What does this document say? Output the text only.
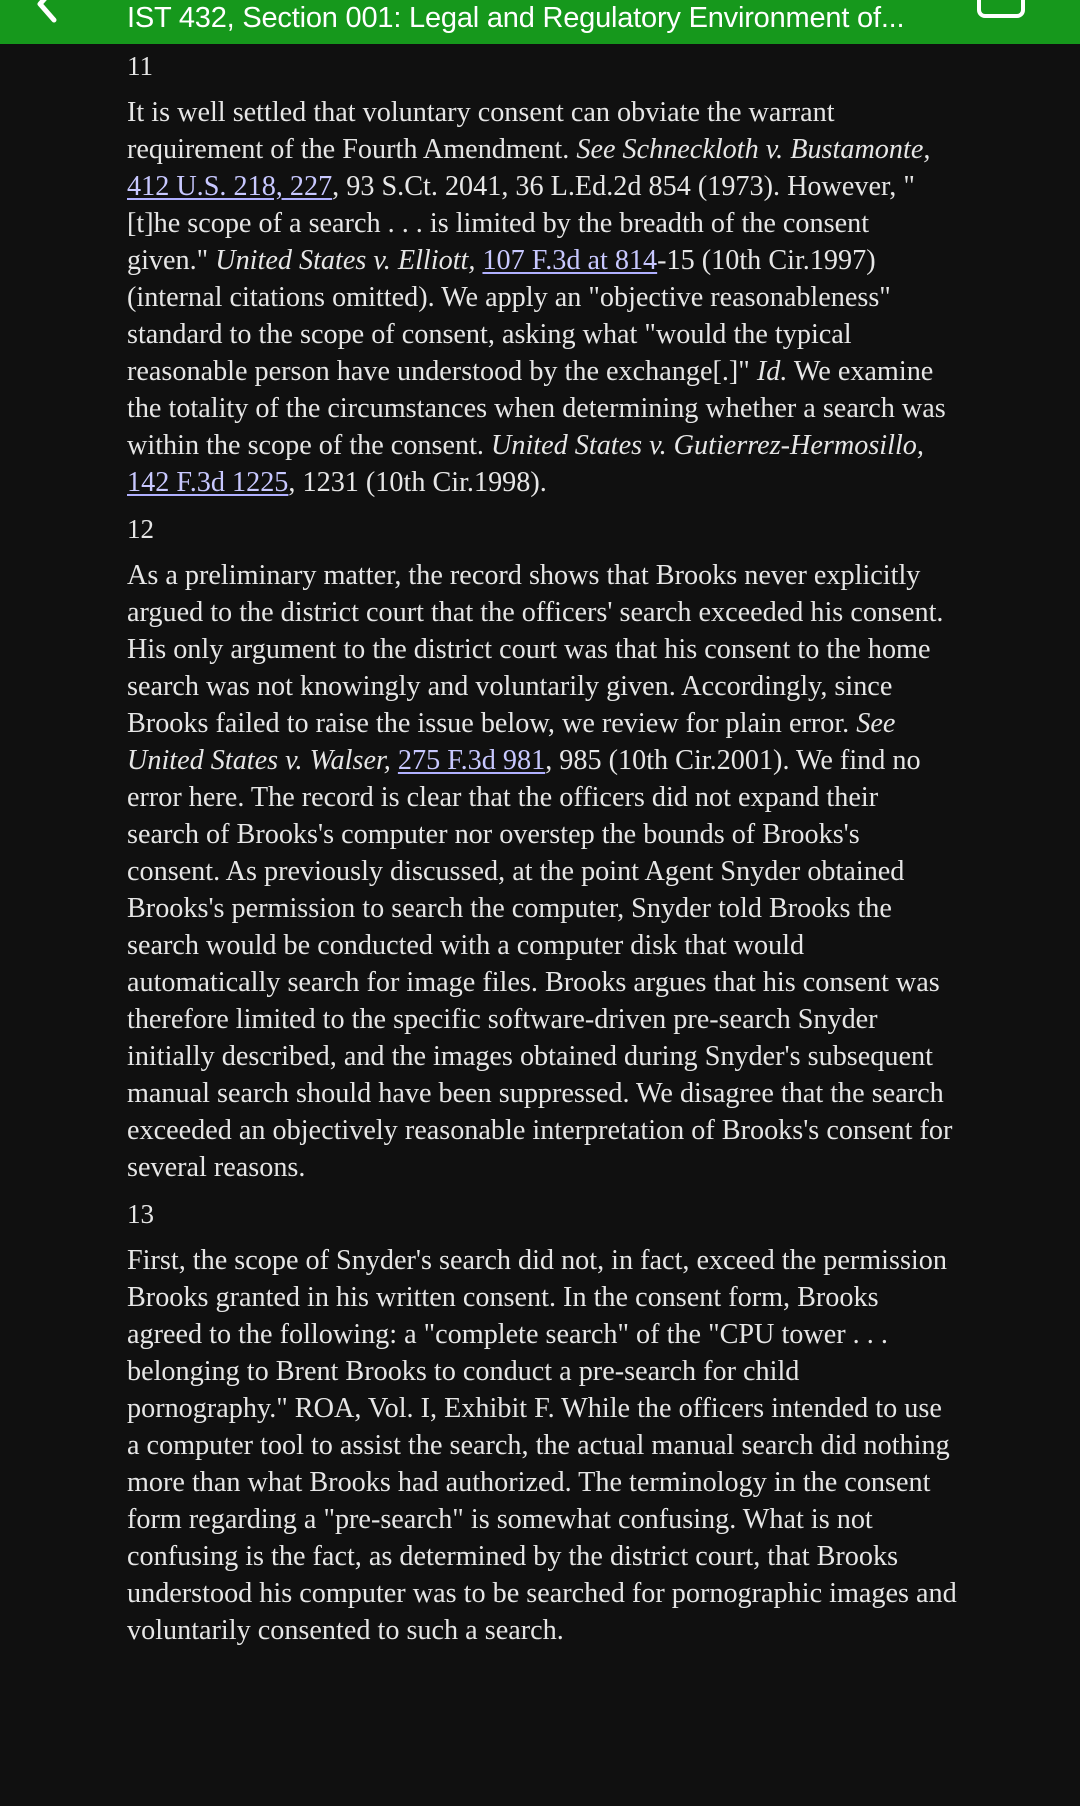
IST 432, Section 001: Legal and Regulatory Environment of...
11
It is well settled that voluntary consent can obviate the warrant requirement of the Fourth Amendment. See Schneckloth v. Bustamonte, 412 U.S. 218, 227, 93 S.Ct. 2041, 36 L.Ed.2d 854 (1973). However, "[t]he scope of a search . . . is limited by the breadth of the consent given." United States v. Elliott, 107 F.3d at 814-15 (10th Cir.1997) (internal citations omitted). We apply an "objective reasonableness" standard to the scope of consent, asking what "would the typical reasonable person have understood by the exchange[.]" Id. We examine the totality of the circumstances when determining whether a search was within the scope of the consent. United States v. Gutierrez-Hermosillo, 142 F.3d 1225, 1231 (10th Cir.1998).
12
As a preliminary matter, the record shows that Brooks never explicitly argued to the district court that the officers' search exceeded his consent. His only argument to the district court was that his consent to the home search was not knowingly and voluntarily given. Accordingly, since Brooks failed to raise the issue below, we review for plain error. See United States v. Walser, 275 F.3d 981, 985 (10th Cir.2001). We find no error here. The record is clear that the officers did not expand their search of Brooks's computer nor overstep the bounds of Brooks's consent. As previously discussed, at the point Agent Snyder obtained Brooks's permission to search the computer, Snyder told Brooks the search would be conducted with a computer disk that would automatically search for image files. Brooks argues that his consent was therefore limited to the specific software-driven pre-search Snyder initially described, and the images obtained during Snyder's subsequent manual search should have been suppressed. We disagree that the search exceeded an objectively reasonable interpretation of Brooks's consent for several reasons.
13
First, the scope of Snyder's search did not, in fact, exceed the permission Brooks granted in his written consent. In the consent form, Brooks agreed to the following: a "complete search" of the "CPU tower . . . belonging to Brent Brooks to conduct a pre-search for child pornography." ROA, Vol. I, Exhibit F. While the officers intended to use a computer tool to assist the search, the actual manual search did nothing more than what Brooks had authorized. The terminology in the consent form regarding a "pre-search" is somewhat confusing. What is not confusing is the fact, as determined by the district court, that Brooks understood his computer was to be searched for pornographic images and voluntarily consented to such a search.
